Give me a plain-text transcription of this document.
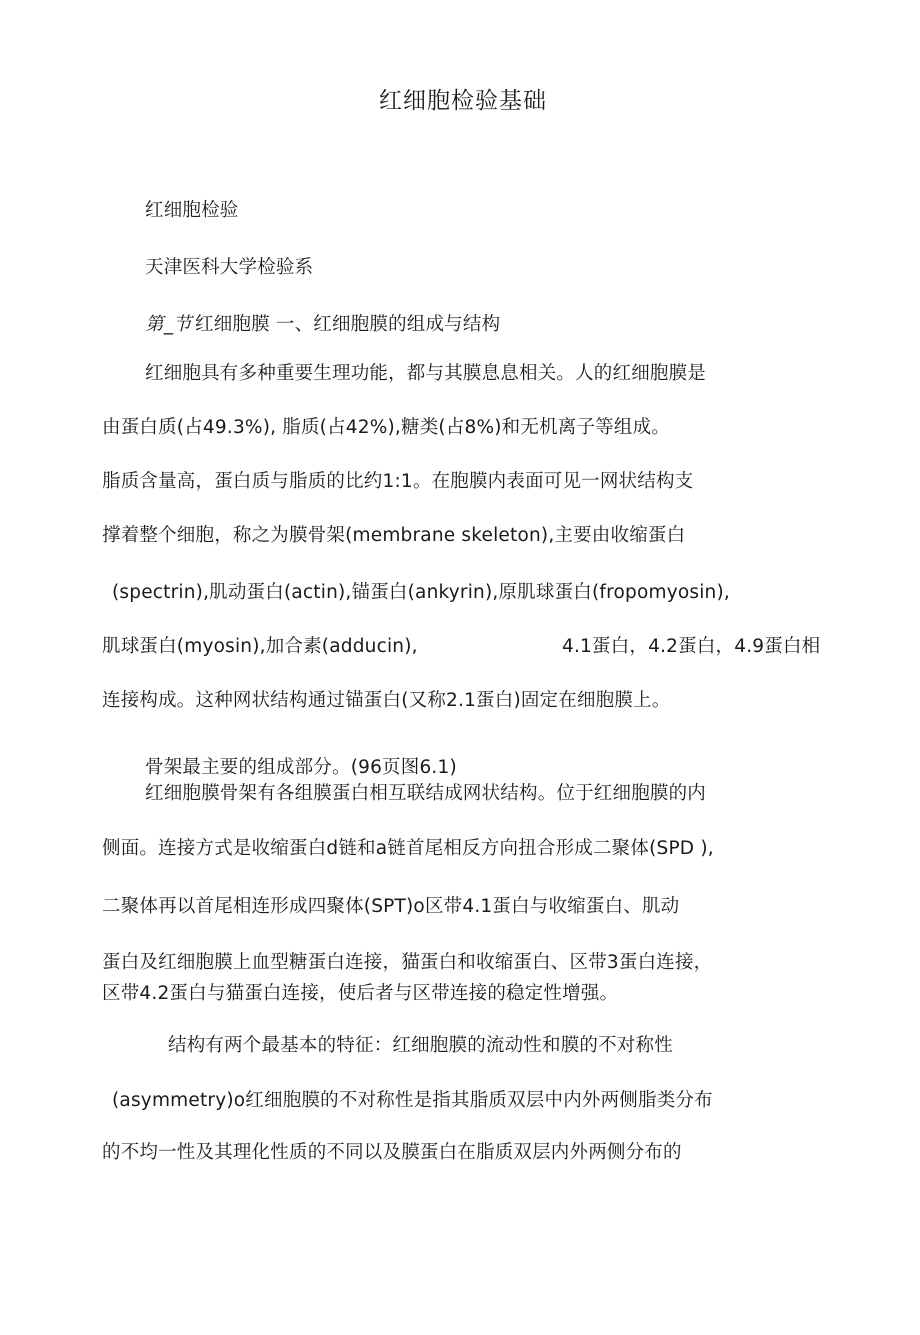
红细胞检验基础
红细胞检验
天津医科大学检验系
第_节 红细胞膜 一、红细胞膜的组成与结构
红细胞具有多种重要生理功能，都与其膜息息相关。人的红细胞膜是
由蛋白质(占49.3%), 脂质(占42%),糖类(占8%)和无机离子等组成。
脂质含量高，蛋白质与脂质的比约1:1。在胞膜内表面可见一网状结构支
撑着整个细胞，称之为膜骨架(membrane skeleton),主要由收缩蛋白
(spectrin),肌动蛋白(actin),锚蛋白(ankyrin),原肌球蛋白(fropomyosin),
肌球蛋白(myosin),加合素(adducin),	4.1蛋白，4.2蛋白，4.9蛋白相
连接构成。这种网状结构通过锚蛋白(又称2.1蛋白)固定在细胞膜上。
骨架最主要的组成部分。(96页图6.1)
红细胞膜骨架有各组膜蛋白相互联结成网状结构。位于红细胞膜的内
侧面。连接方式是收缩蛋白d链和a链首尾相反方向扭合形成二聚体(SPD ),
二聚体再以首尾相连形成四聚体(SPT)o区带4.1蛋白与收缩蛋白、肌动
蛋白及红细胞膜上血型糖蛋白连接，猫蛋白和收缩蛋白、区带3蛋白连接，
区带4.2蛋白与猫蛋白连接，使后者与区带连接的稳定性增强。
结构有两个最基本的特征：红细胞膜的流动性和膜的不对称性
(asymmetry)o红细胞膜的不对称性是指其脂质双层中内外两侧脂类分布
的不均一性及其理化性质的不同以及膜蛋白在脂质双层内外两侧分布的
